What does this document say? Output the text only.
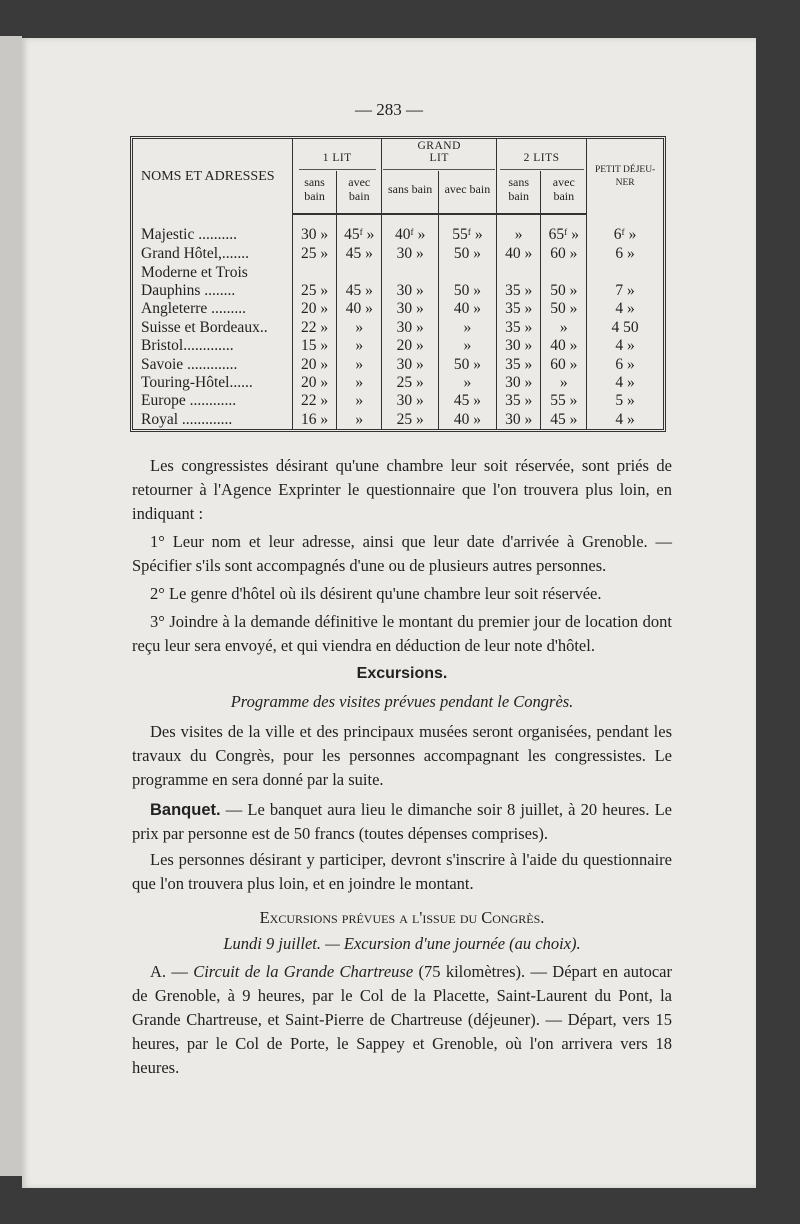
— 283 —
NOMS ET ADRESSES	1 LIT		GRAND LIT		2 LITS		PETIT DÉJEU-NER
	sans bain	avec bain	sans bain	avec bain	sans bain	avec bain	
Majestic ..........	30 »	45ᶠ »	40ᶠ »	55ᶠ »	»	65ᶠ »	6ᶠ »
Grand Hôtel,.......	25 »	45 »	30 »	50 »	40 »	60 »	6 »
Moderne et Trois							
Dauphins ........	25 »	45 »	30 »	50 »	35 »	50 »	7 »
Angleterre .........	20 »	40 »	30 »	40 »	35 »	50 »	4 »
Suisse et Bordeaux..	22 »	»	30 »	»	35 »	»	4 50
Bristol.............	15 »	»	20 »	»	30 »	40 »	4 »
Savoie .............	20 »	»	30 »	50 »	35 »	60 »	6 »
Touring-Hôtel......	20 »	»	25 »	»	30 »	»	4 »
Europe ............	22 »	»	30 »	45 »	35 »	55 »	5 »
Royal .............	16 »	»	25 »	40 »	30 »	45 »	4 »

Les congressistes désirant qu'une chambre leur soit réservée, sont priés de retourner à l'Agence Exprinter le questionnaire que l'on trouvera plus loin, en indiquant :

1° Leur nom et leur adresse, ainsi que leur date d'arrivée à Grenoble. — Spécifier s'ils sont accompagnés d'une ou de plusieurs autres personnes.

2° Le genre d'hôtel où ils désirent qu'une chambre leur soit réservée.

3° Joindre à la demande définitive le montant du premier jour de location dont reçu leur sera envoyé, et qui viendra en déduction de leur note d'hôtel.

Excursions.

Programme des visites prévues pendant le Congrès.

Des visites de la ville et des principaux musées seront organisées, pendant les travaux du Congrès, pour les personnes accompagnant les congressistes. Le programme en sera donné par la suite.

Banquet. — Le banquet aura lieu le dimanche soir 8 juillet, à 20 heures. Le prix par personne est de 50 francs (toutes dépenses comprises).

Les personnes désirant y participer, devront s'inscrire à l'aide du questionnaire que l'on trouvera plus loin, et en joindre le montant.

Excursions prévues a l'issue du Congrès.

Lundi 9 juillet. — Excursion d'une journée (au choix).

A. — Circuit de la Grande Chartreuse (75 kilomètres). — Départ en autocar de Grenoble, à 9 heures, par le Col de la Placette, Saint-Laurent du Pont, la Grande Chartreuse, et Saint-Pierre de Chartreuse (déjeuner). — Départ, vers 15 heures, par le Col de Porte, le Sappey et Grenoble, où l'on arrivera vers 18 heures.
